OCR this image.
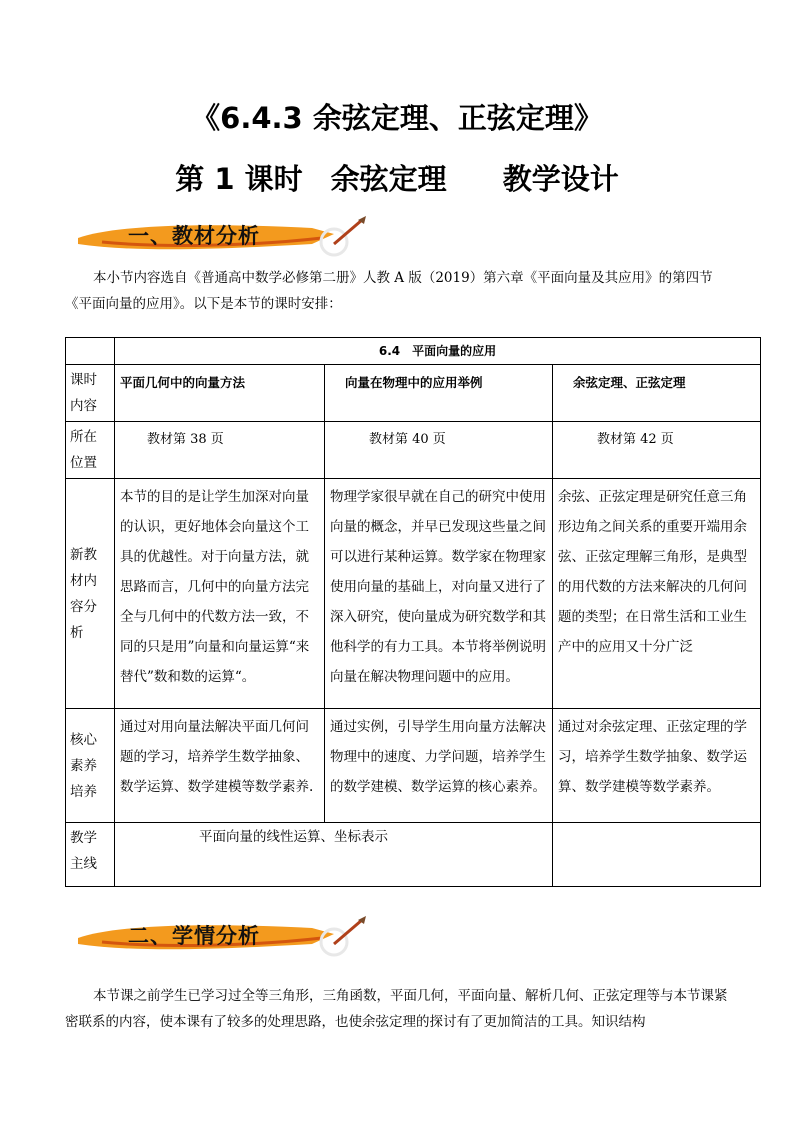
《6.4.3 余弦定理、正弦定理》
第 1 课时 余弦定理 教学设计
一、教材分析
本小节内容选自《普通高中数学必修第二册》人教 A 版（2019）第六章《平面向量及其应用》的第四节《平面向量的应用》。以下是本节的课时安排：
	6.4　平面向量的应用		
课时内容	平面几何中的向量方法	向量在物理中的应用举例	余弦定理、正弦定理
所在位置	教材第 38 页	教材第 40 页	教材第 42 页
新教材内容分析	本节的目的是让学生加深对向量的认识，更好地体会向量这个工具的优越性。对于向量方法，就思路而言，几何中的向量方法完全与几何中的代数方法一致，不同的只是用”向量和向量运算“来替代”数和数的运算“。	物理学家很早就在自己的研究中使用向量的概念，并早已发现这些量之间可以进行某种运算。数学家在物理家使用向量的基础上，对向量又进行了深入研究，使向量成为研究数学和其他科学的有力工具。本节将举例说明向量在解决物理问题中的应用。	余弦、正弦定理是研究任意三角形边角之间关系的重要开端用余弦、正弦定理解三角形，是典型的用代数的方法来解决的几何问题的类型；在日常生活和工业生产中的应用又十分广泛
核心素养培养	通过对用向量法解决平面几何问题的学习，培养学生数学抽象、数学运算、数学建模等数学素养.	通过实例，引导学生用向量方法解决物理中的速度、力学问题，培养学生的数学建模、数学运算的核心素养。	通过对余弦定理、正弦定理的学习，培养学生数学抽象、数学运算、数学建模等数学素养。
教学主线	平面向量的线性运算、坐标表示		
二、学情分析
本节课之前学生已学习过全等三角形，三角函数，平面几何，平面向量、解析几何、正弦定理等与本节课紧密联系的内容，使本课有了较多的处理思路，也使余弦定理的探讨有了更加简洁的工具。知识结构
